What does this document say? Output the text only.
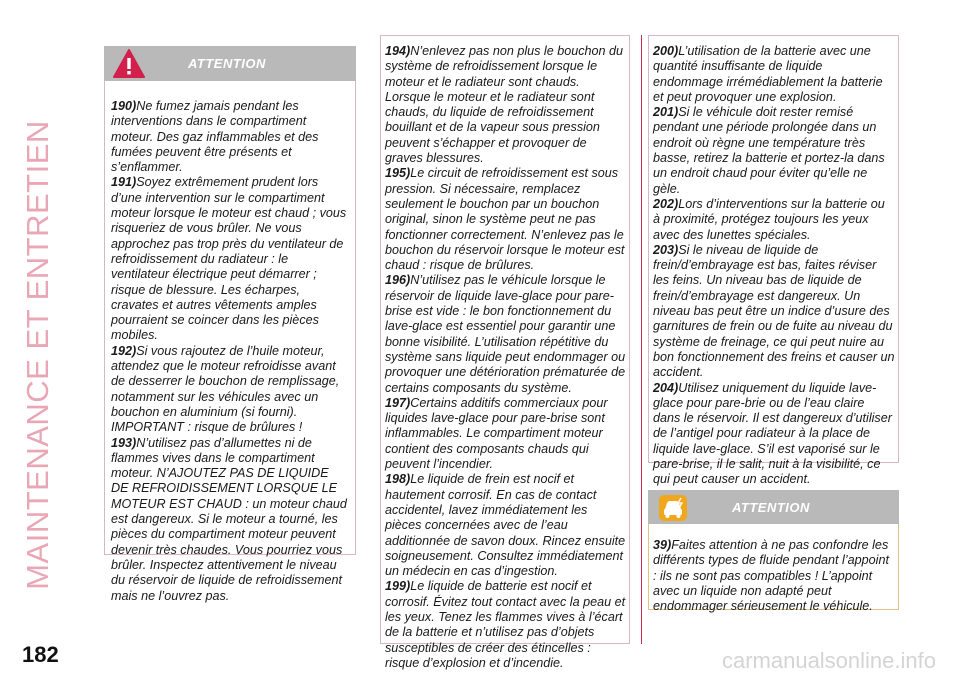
MAINTENANCE ET ENTRETIEN
182	carmanualsonline.info
ATTENTION

190)Ne fumez jamais pendant les interventions dans le compartiment moteur. Des gaz inflammables et des fumées peuvent être présents et s’enflammer.

191)Soyez extrêmement prudent lors d’une intervention sur le compartiment moteur lorsque le moteur est chaud ; vous risqueriez de vous brûler. Ne vous approchez pas trop près du ventilateur de refroidissement du radiateur : le ventilateur électrique peut démarrer ; risque de blessure. Les écharpes, cravates et autres vêtements amples pourraient se coincer dans les pièces mobiles.

192)Si vous rajoutez de l’huile moteur, attendez que le moteur refroidisse avant de desserrer le bouchon de remplissage, notamment sur les véhicules avec un bouchon en aluminium (si fourni). IMPORTANT : risque de brûlures !

193)N’utilisez pas d’allumettes ni de flammes vives dans le compartiment moteur. N’AJOUTEZ PAS DE LIQUIDE DE REFROIDISSEMENT LORSQUE LE MOTEUR EST CHAUD : un moteur chaud est dangereux. Si le moteur a tourné, les pièces du compartiment moteur peuvent devenir très chaudes. Vous pourriez vous brûler. Inspectez attentivement le niveau du réservoir de liquide de refroidissement mais ne l’ouvrez pas.

194)N’enlevez pas non plus le bouchon du système de refroidissement lorsque le moteur et le radiateur sont chauds. Lorsque le moteur et le radiateur sont chauds, du liquide de refroidissement bouillant et de la vapeur sous pression peuvent s’échapper et provoquer de graves blessures.

195)Le circuit de refroidissement est sous pression. Si nécessaire, remplacez seulement le bouchon par un bouchon original, sinon le système peut ne pas fonctionner correctement. N’enlevez pas le bouchon du réservoir lorsque le moteur est chaud : risque de brûlures.

196)N’utilisez pas le véhicule lorsque le réservoir de liquide lave-glace pour pare-brise est vide : le bon fonctionnement du lave-glace est essentiel pour garantir une bonne visibilité. L’utilisation répétitive du système sans liquide peut endommager ou provoquer une détérioration prématurée de certains composants du système.

197)Certains additifs commerciaux pour liquides lave-glace pour pare-brise sont inflammables. Le compartiment moteur contient des composants chauds qui peuvent l’incendier.

198)Le liquide de frein est nocif et hautement corrosif. En cas de contact accidentel, lavez immédiatement les pièces concernées avec de l’eau additionnée de savon doux. Rincez ensuite soigneusement. Consultez immédiatement un médecin en cas d’ingestion.

199)Le liquide de batterie est nocif et corrosif. Évitez tout contact avec la peau et les yeux. Tenez les flammes vives à l’écart de la batterie et n’utilisez pas d’objets susceptibles de créer des étincelles : risque d’explosion et d’incendie.

200)L’utilisation de la batterie avec une quantité insuffisante de liquide endommage irrémédiablement la batterie et peut provoquer une explosion.

201)Si le véhicule doit rester remisé pendant une période prolongée dans un endroit où règne une température très basse, retirez la batterie et portez-la dans un endroit chaud pour éviter qu’elle ne gèle.

202)Lors d’interventions sur la batterie ou à proximité, protégez toujours les yeux avec des lunettes spéciales.

203)Si le niveau de liquide de frein/d’embrayage est bas, faites réviser les feins. Un niveau bas de liquide de frein/d’embrayage est dangereux. Un niveau bas peut être un indice d’usure des garnitures de frein ou de fuite au niveau du système de freinage, ce qui peut nuire au bon fonctionnement des freins et causer un accident.

204)Utilisez uniquement du liquide lave-glace pour pare-brie ou de l’eau claire dans le réservoir. Il est dangereux d’utiliser de l’antigel pour radiateur à la place de liquide lave-glace. S’il est vaporisé sur le pare-brise, il le salit, nuit à la visibilité, ce qui peut causer un accident.

ATTENTION

39)Faites attention à ne pas confondre les différents types de fluide pendant l’appoint : ils ne sont pas compatibles ! L’appoint avec un liquide non adapté peut endommager sérieusement le véhicule.
